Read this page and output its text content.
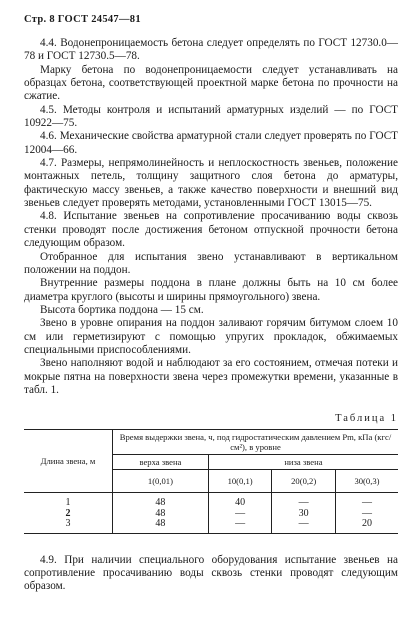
Стр. 8 ГОСТ 24547—81

4.4. Водонепроницаемость бетона следует определять по ГОСТ 12730.0—78 и ГОСТ 12730.5—78.

Марку бетона по водонепроницаемости следует устанавливать на образцах бетона, соответствующей проектной марке бетона по прочности на сжатие.

4.5. Методы контроля и испытаний арматурных изделий — по ГОСТ 10922—75.

4.6. Механические свойства арматурной стали следует проверять по ГОСТ 12004—66.

4.7. Размеры, непрямолинейность и неплоскостность звеньев, положение монтажных петель, толщину защитного слоя бетона до арматуры, фактическую массу звеньев, а также качество поверхности и внешний вид звеньев следует проверять методами, установленными ГОСТ 13015—75.

4.8. Испытание звеньев на сопротивление просачиванию воды сквозь стенки проводят после достижения бетоном отпускной прочности бетона следующим образом.

Отобранное для испытания звено устанавливают в вертикальном положении на поддон.

Внутренние размеры поддона в плане должны быть на 10 см более диаметра круглого (высоты и ширины прямоугольного) звена.

Высота бортика поддона — 15 см.

Звено в уровне опирания на поддон заливают горячим битумом слоем 10 см или герметизируют с помощью упругих прокладок, обжимаемых специальными приспособлениями.

Звено наполняют водой и наблюдают за его состоянием, отмечая потеки и мокрые пятна на поверхности звена через промежутки времени, указанные в табл. 1.

Таблица 1
Длина звена, м	Время выдержки звена, ч, под гидростатическим давлением Pm, кПа (кгс/см²), в уровне			
	верха звена	низа звена		
	1(0,01)	10(0,1)	20(0,2)	30(0,3)
1	48	40	—	—
2	48	—	30	—
3	48	—	—	20

4.9. При наличии специального оборудования испытание звеньев на сопротивление просачиванию воды сквозь стенки проводят следующим образом.
